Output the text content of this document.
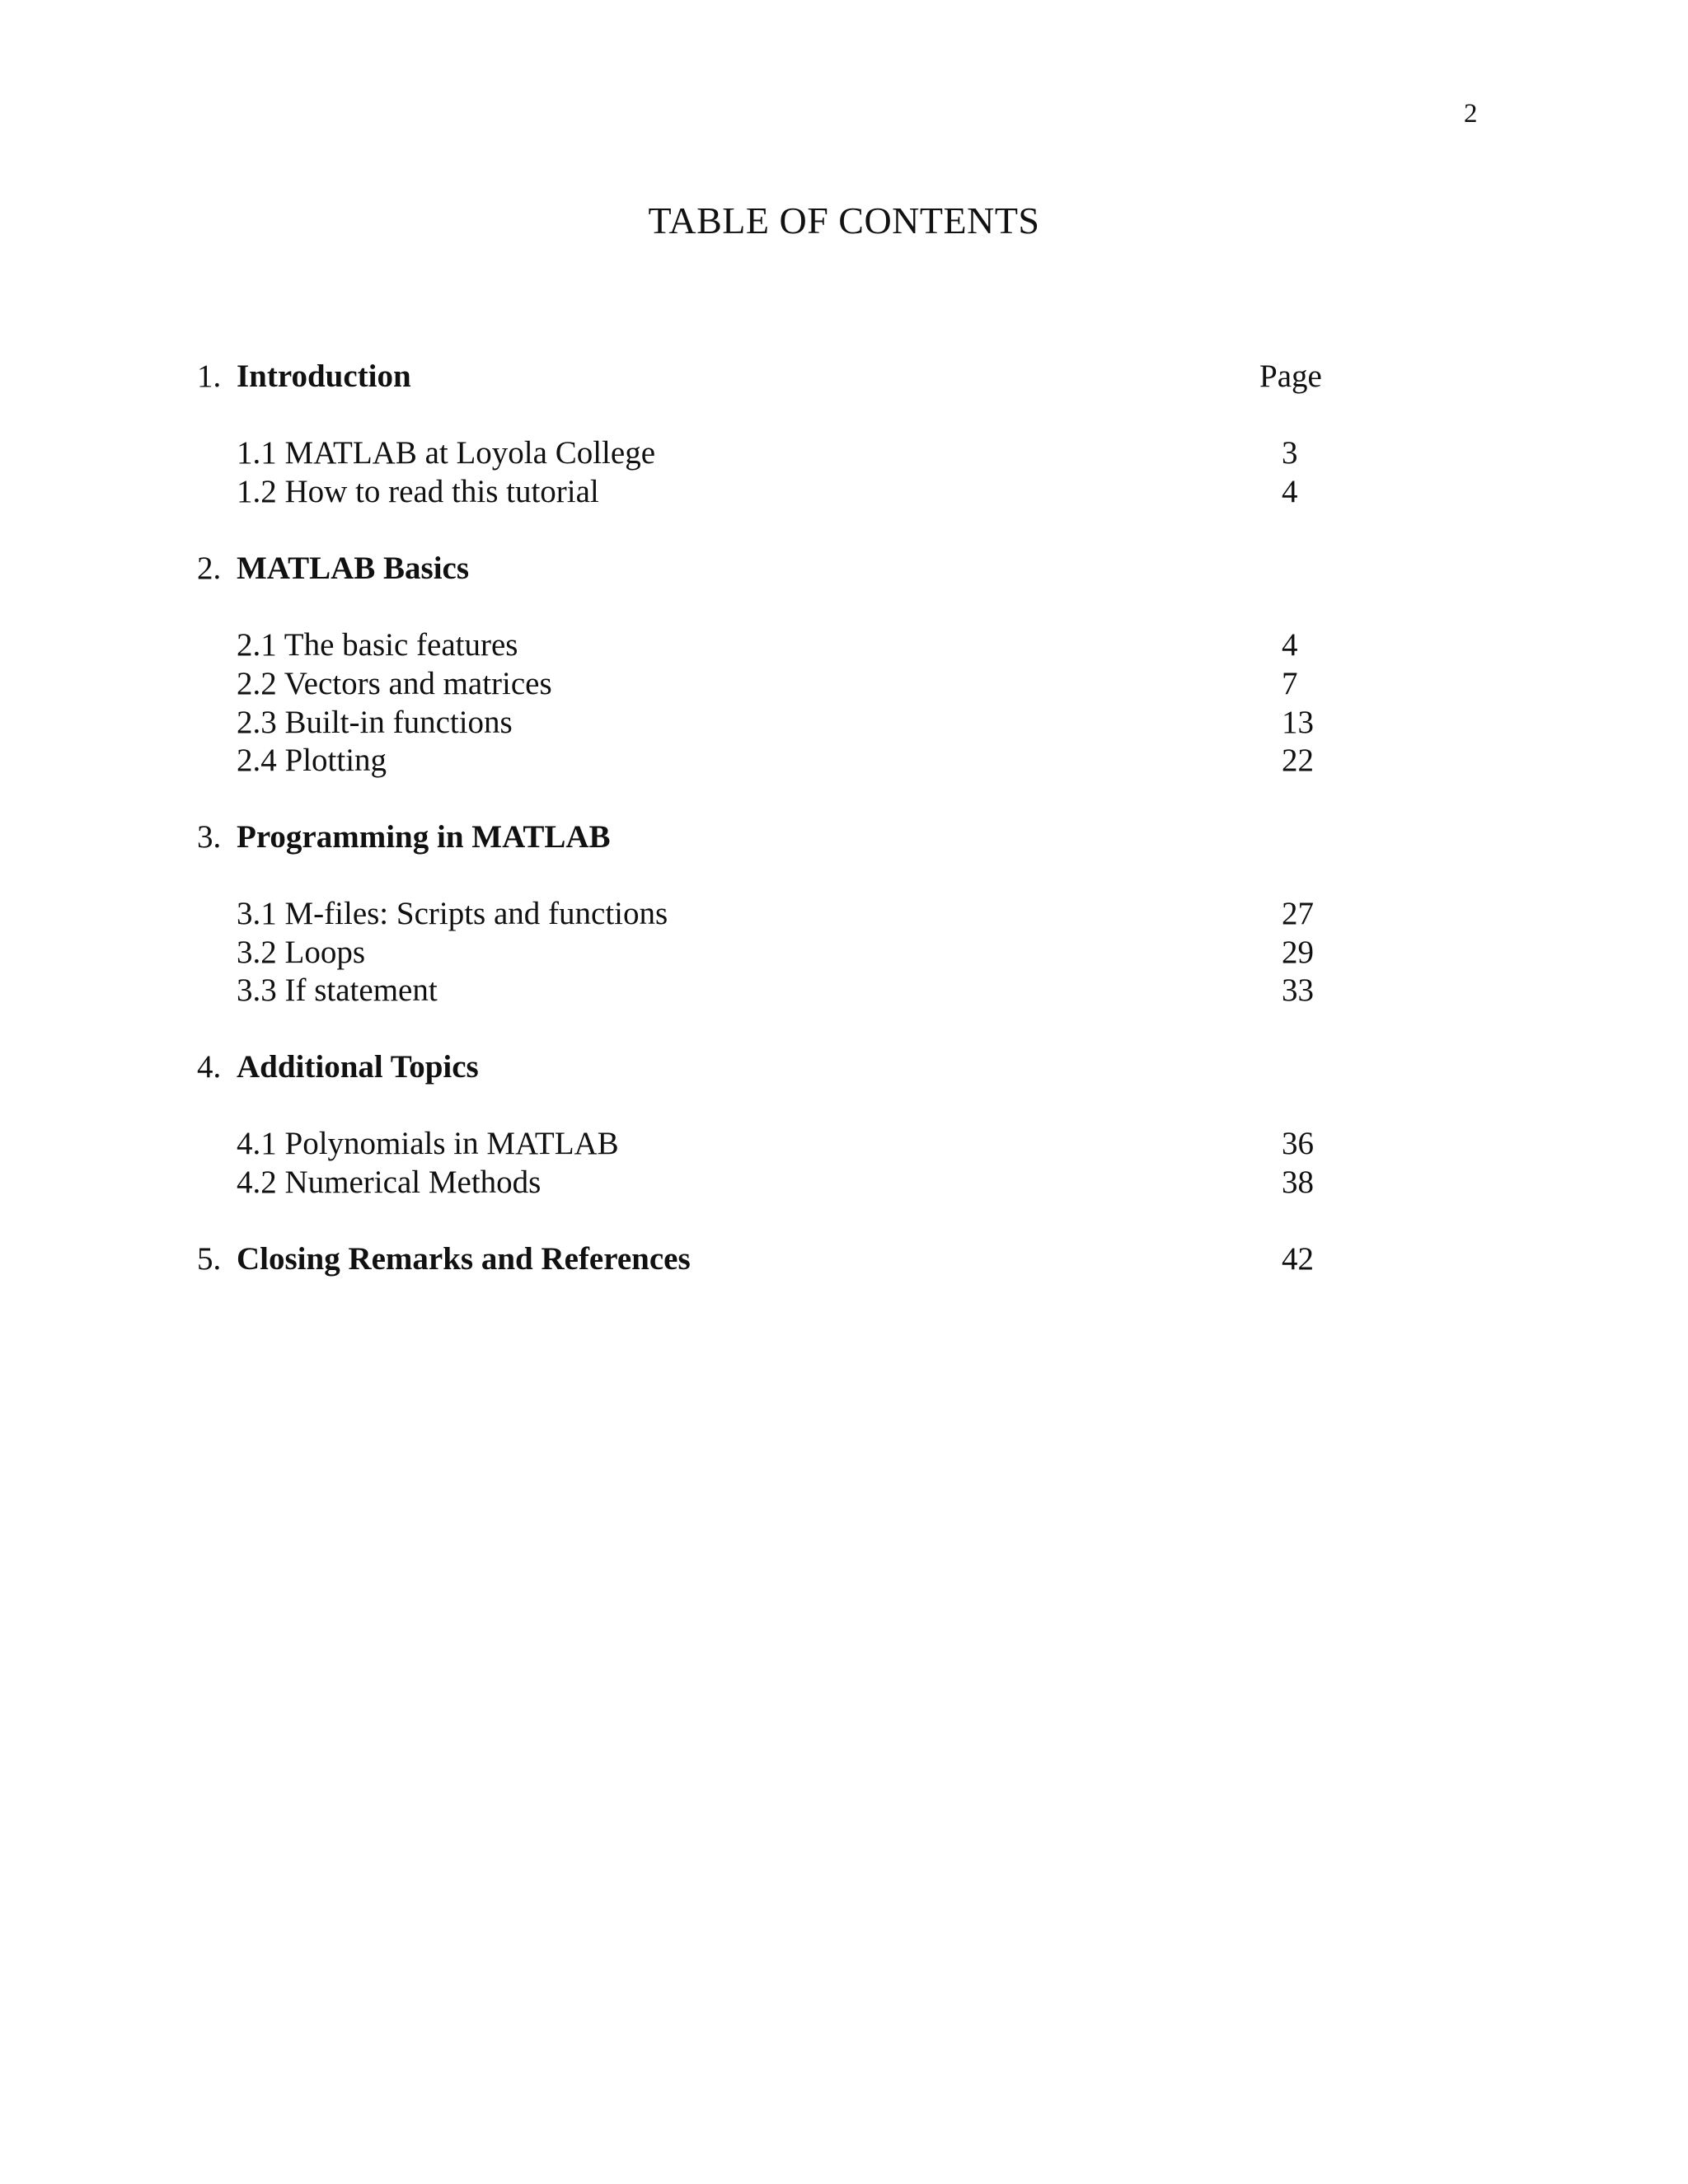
2
TABLE OF CONTENTS
1. Introduction	Page
1.1 MATLAB at Loyola College	3
1.2 How to read this tutorial	4
2. MATLAB Basics
2.1 The basic features	4
2.2 Vectors and matrices	7
2.3 Built-in functions	13
2.4 Plotting	22
3. Programming in MATLAB
3.1 M-files: Scripts and functions	27
3.2 Loops	29
3.3 If statement	33
4. Additional Topics
4.1 Polynomials in MATLAB	36
4.2 Numerical Methods	38
5. Closing Remarks and References	42
